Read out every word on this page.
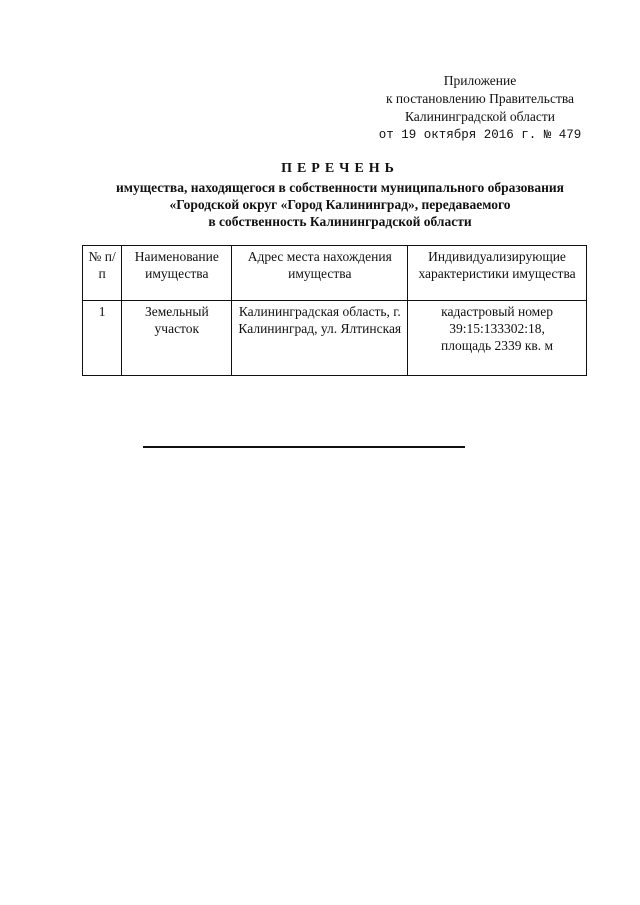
Приложение
к постановлению Правительства
Калининградской области
от 19 октября 2016 г. № 479
ПЕРЕЧЕНЬ
имущества, находящегося в собственности муниципального образования
«Городской округ «Город Калининград», передаваемого
в собственность Калининградской области
№ п/п	Наименование имущества	Адрес места нахождения имущества	Индивидуализирующие характеристики имущества
1	Земельный участок	Калининградская область, г. Калининград, ул. Ялтинская	кадастровый номер
39:15:133302:18,
площадь 2339 кв. м
